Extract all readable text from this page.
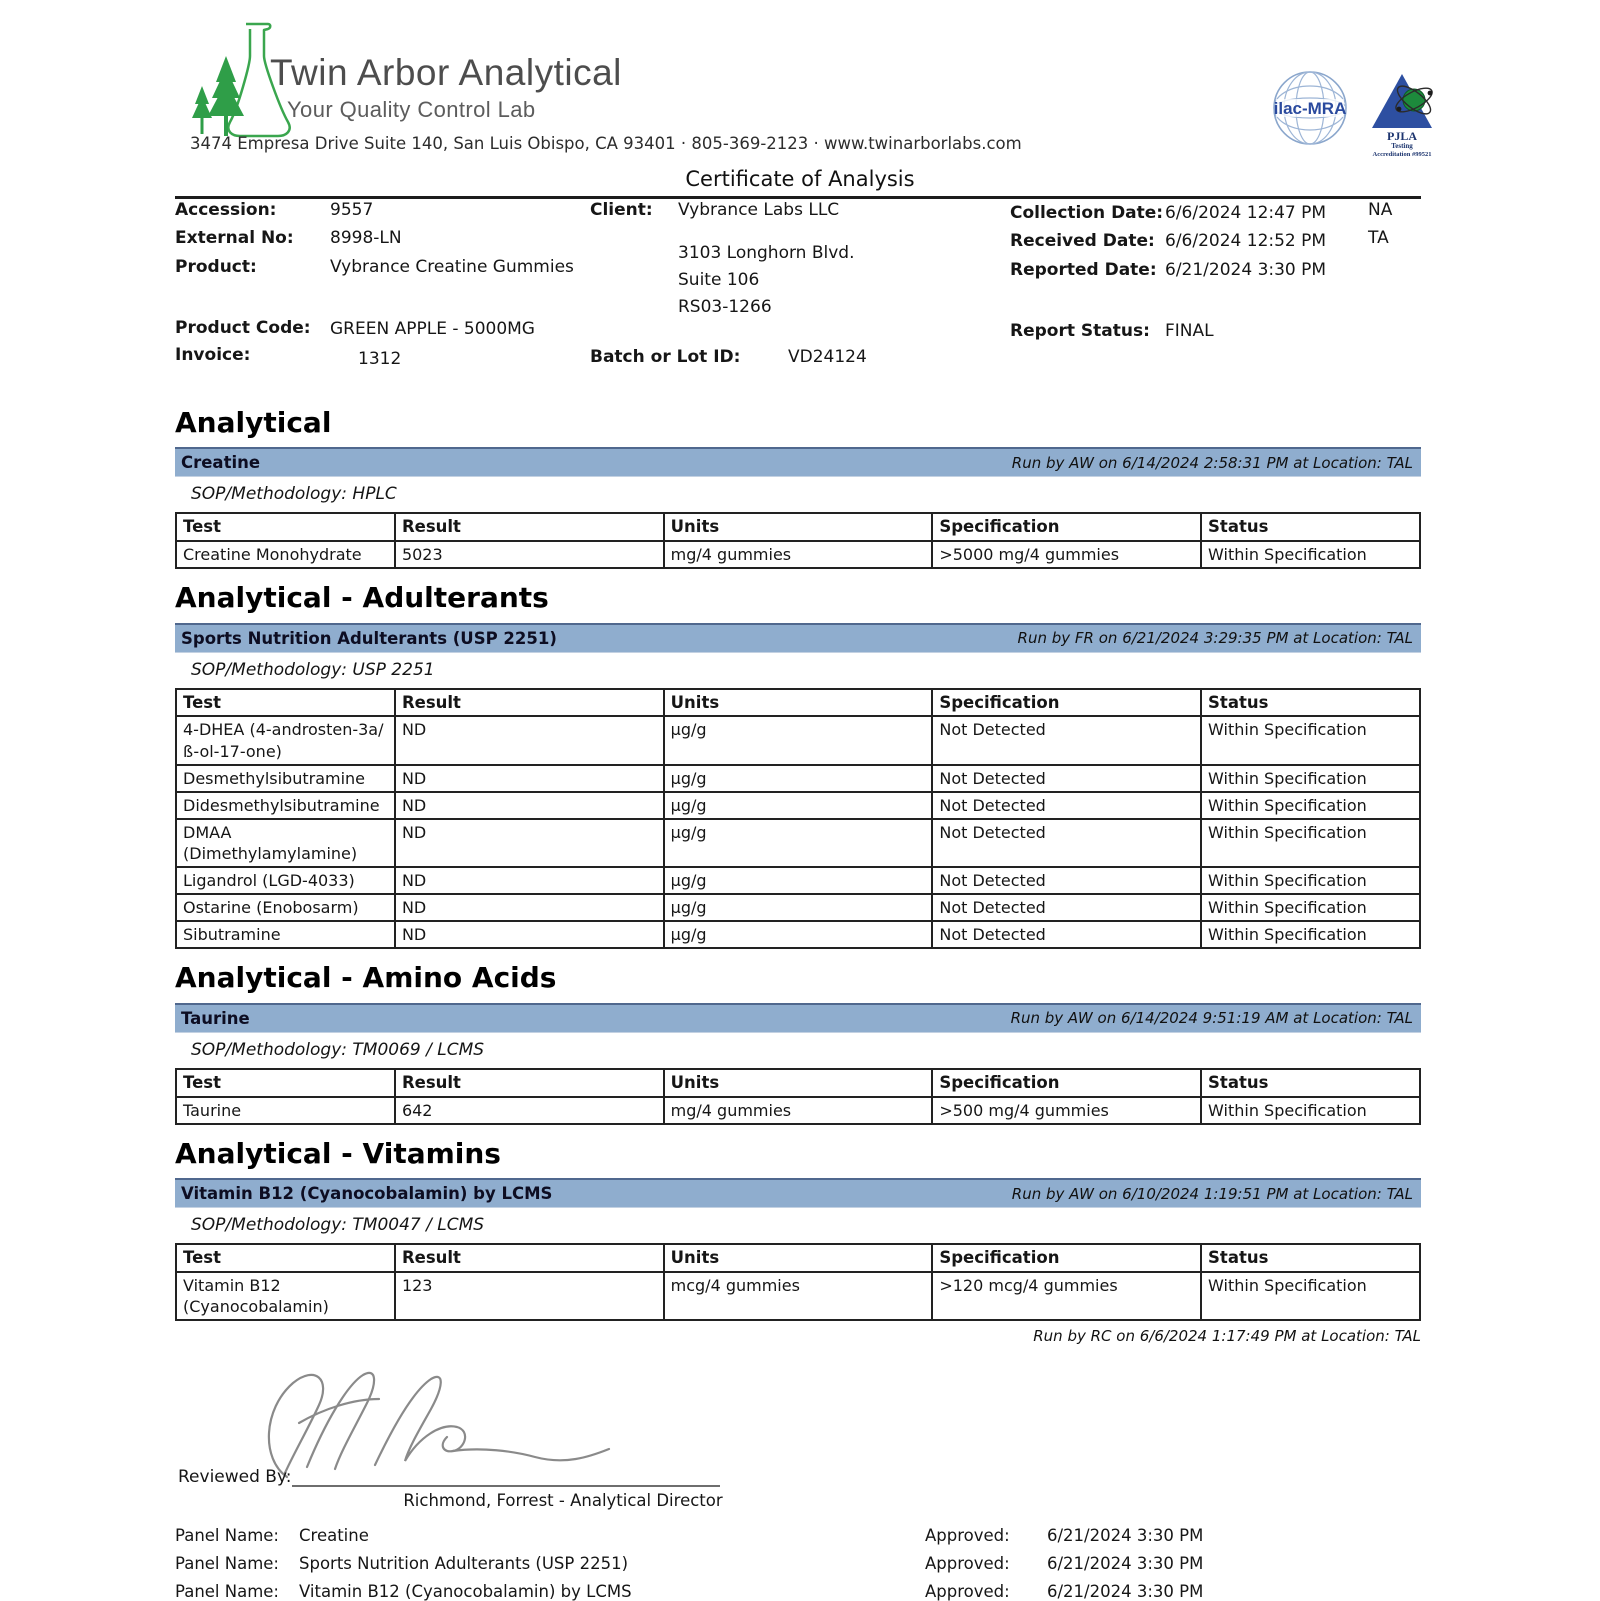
Twin Arbor Analytical
Your Quality Control Lab
3474 Empresa Drive Suite 140, San Luis Obispo, CA 93401 · 805-369-2123 · www.twinarborlabs.com
ilac-MRA
PJLA
Testing
Accreditation #99521
Certificate of Analysis
Accession:	9557
External No: 8998-LN
Product:	Vybrance Creatine Gummies
Product Code: GREEN APPLE - 5000MG
Invoice:	1312
Client: Vybrance Labs LLC
3103 Longhorn Blvd.
Suite 106
RS03-1266
Batch or Lot ID:	VD24124
Collection Date: 6/6/2024 12:47 PM
Received Date: 6/6/2024 12:52 PM
Reported Date: 6/21/2024 3:30 PM
Report Status: FINAL
NA
TA
Analytical
Creatine	Run by AW on 6/14/2024 2:58:31 PM at Location: TAL
SOP/Methodology: HPLC
Test	Result	Units	Specification	Status
Creatine Monohydrate	5023	mg/4 gummies	>5000 mg/4 gummies	Within Specification
Analytical - Adulterants
Sports Nutrition Adulterants (USP 2251)	Run by FR on 6/21/2024 3:29:35 PM at Location: TAL
SOP/Methodology: USP 2251
Test	Result	Units	Specification	Status
4-DHEA (4-androsten-3a/ß-ol-17-one)	ND	µg/g	Not Detected	Within Specification
Desmethylsibutramine	ND	µg/g	Not Detected	Within Specification
Didesmethylsibutramine	ND	µg/g	Not Detected	Within Specification
DMAA (Dimethylamylamine)	ND	µg/g	Not Detected	Within Specification
Ligandrol (LGD-4033)	ND	µg/g	Not Detected	Within Specification
Ostarine (Enobosarm)	ND	µg/g	Not Detected	Within Specification
Sibutramine	ND	µg/g	Not Detected	Within Specification
Analytical - Amino Acids
Taurine	Run by AW on 6/14/2024 9:51:19 AM at Location: TAL
SOP/Methodology: TM0069 / LCMS
Test	Result	Units	Specification	Status
Taurine	642	mg/4 gummies	>500 mg/4 gummies	Within Specification
Analytical - Vitamins
Vitamin B12 (Cyanocobalamin) by LCMS	Run by AW on 6/10/2024 1:19:51 PM at Location: TAL
SOP/Methodology: TM0047 / LCMS
Test	Result	Units	Specification	Status
Vitamin B12 (Cyanocobalamin)	123	mcg/4 gummies	>120 mcg/4 gummies	Within Specification
Run by RC on 6/6/2024 1:17:49 PM at Location: TAL
Reviewed By:
Richmond, Forrest - Analytical Director
Panel Name:	Creatine	Approved:	6/21/2024 3:30 PM
Panel Name:	Sports Nutrition Adulterants (USP 2251)	Approved:	6/21/2024 3:30 PM
Panel Name:	Vitamin B12 (Cyanocobalamin) by LCMS	Approved:	6/21/2024 3:30 PM
